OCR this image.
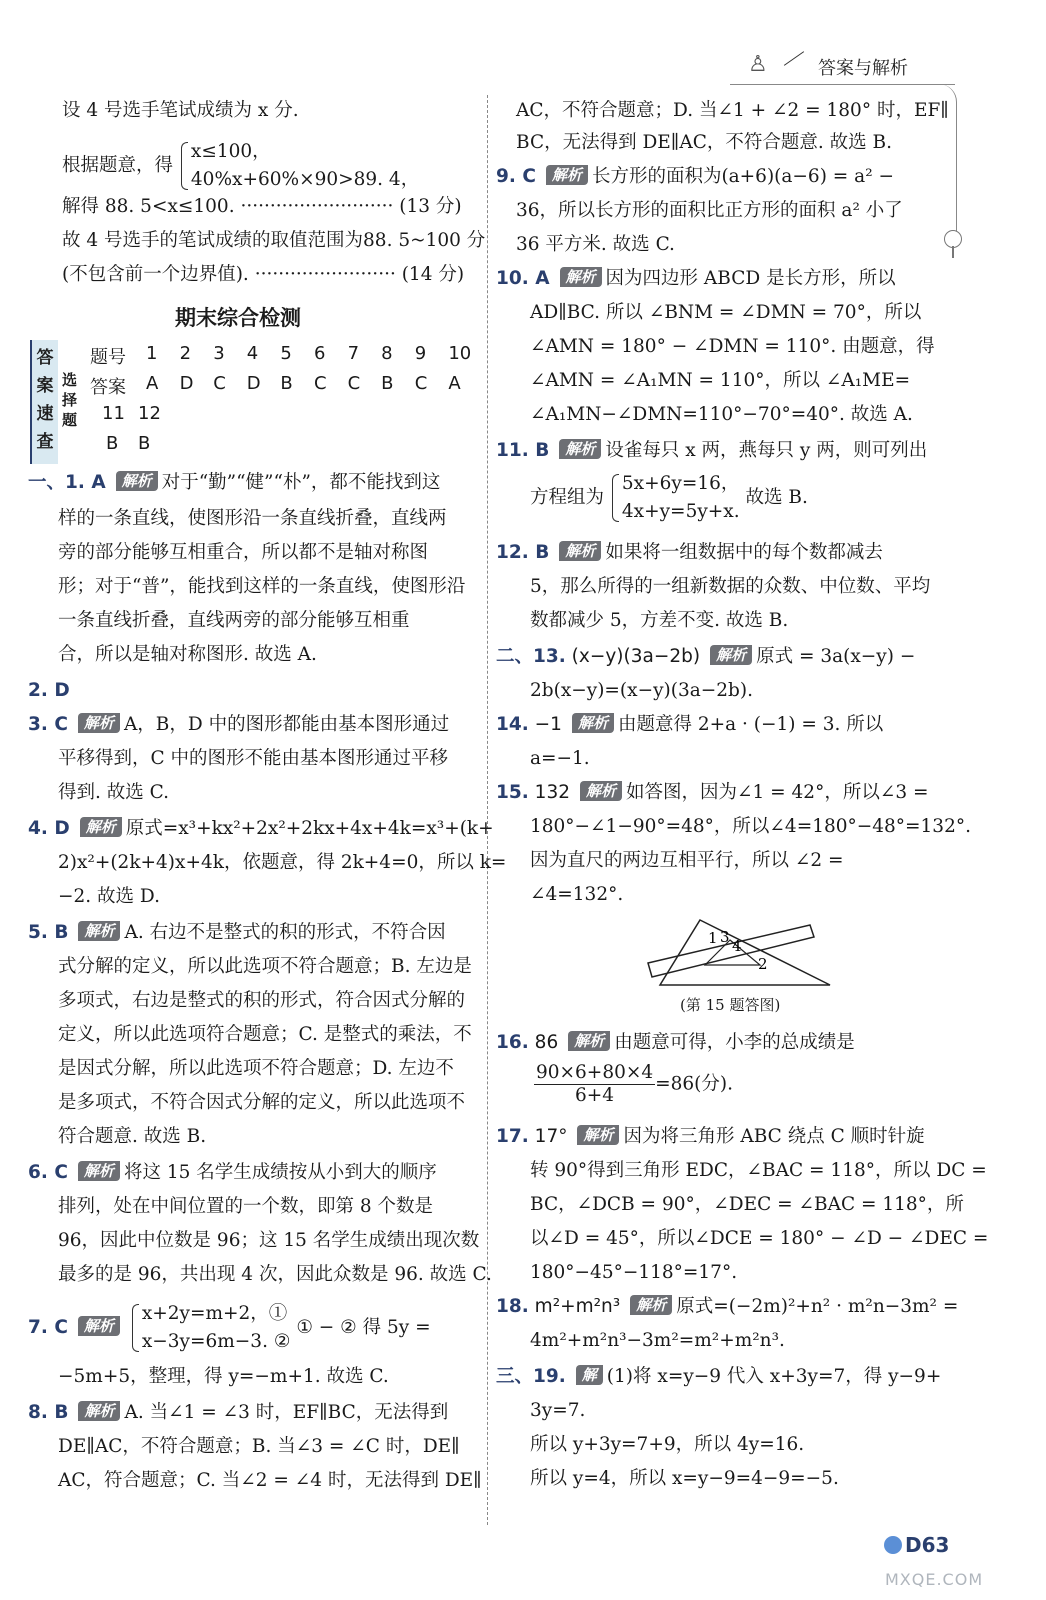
♙	答案与解析
设 4 号选手笔试成绩为 x 分.
根据题意，得
x≤100，
40%x+60%×90>89. 4，
解得 88. 5<x≤100. ·························· (13 分)
故 4 号选手的笔试成绩的取值范围为88. 5~100 分
(不包含前一个边界值). ························ (14 分)
期末综合检测
答案速查
选择题
题号	1	2	3	4	5	6	7	8	9	10
答案	A	D	C	D	B	C	C	B	C	A
11 12
B	B
一、1. A 解析 对于“勤”“健”“朴”，都不能找到这
样的一条直线，使图形沿一条直线折叠，直线两
旁的部分能够互相重合，所以都不是轴对称图
形；对于“普”，能找到这样的一条直线，使图形沿
一条直线折叠，直线两旁的部分能够互相重
合，所以是轴对称图形. 故选 A.
2. D
3. C 解析 A，B，D 中的图形都能由基本图形通过
平移得到，C 中的图形不能由基本图形通过平移
得到. 故选 C.
4. D 解析 原式=x³+kx²+2x²+2kx+4x+4k=x³+(k+
2)x²+(2k+4)x+4k，依题意，得 2k+4=0，所以 k=
−2. 故选 D.
5. B 解析 A. 右边不是整式的积的形式，不符合因
式分解的定义，所以此选项不符合题意；B. 左边是
多项式，右边是整式的积的形式，符合因式分解的
定义，所以此选项符合题意；C. 是整式的乘法，不
是因式分解，所以此选项不符合题意；D. 左边不
是多项式，不符合因式分解的定义，所以此选项不
符合题意. 故选 B.
6. C 解析 将这 15 名学生成绩按从小到大的顺序
排列，处在中间位置的一个数，即第 8 个数是
96，因此中位数是 96；这 15 名学生成绩出现次数
最多的是 96，共出现 4 次，因此众数是 96. 故选 C.
7. C 解析
x+2y=m+2，①
x−3y=6m−3. ②
① − ② 得 5y =
−5m+5，整理，得 y=−m+1. 故选 C.
8. B 解析 A. 当∠1 = ∠3 时，EF∥BC，无法得到
DE∥AC，不符合题意；B. 当∠3 = ∠C 时，DE∥
AC，符合题意；C. 当∠2 = ∠4 时，无法得到 DE∥
AC，不符合题意；D. 当∠1 + ∠2 = 180° 时，EF∥
BC，无法得到 DE∥AC，不符合题意. 故选 B.
9. C 解析 长方形的面积为(a+6)(a−6) = a² −
36，所以长方形的面积比正方形的面积 a² 小了
36 平方米. 故选 C.
10. A 解析 因为四边形 ABCD 是长方形，所以
AD∥BC. 所以 ∠BNM = ∠DMN = 70°，所以
∠AMN = 180° − ∠DMN = 110°. 由题意，得
∠AMN = ∠A₁MN = 110°，所以 ∠A₁ME=
∠A₁MN−∠DMN=110°−70°=40°. 故选 A.
11. B 解析 设雀每只 x 两，燕每只 y 两，则可列出
方程组为
5x+6y=16，
4x+y=5y+x.
故选 B.
12. B 解析 如果将一组数据中的每个数都减去
5，那么所得的一组新数据的众数、中位数、平均
数都减少 5，方差不变. 故选 B.
二、13. (x−y)(3a−2b) 解析 原式 = 3a(x−y) −
2b(x−y)=(x−y)(3a−2b).
14. −1 解析 由题意得 2+a · (−1) = 3. 所以
a=−1.
15. 132 解析 如答图，因为∠1 = 42°，所以∠3 =
180°−∠1−90°=48°，所以∠4=180°−48°=132°.
因为直尺的两边互相平行，所以 ∠2 =
∠4=132°.
1 3 4
2
(第 15 题答图)
16. 86 解析 由题意可得，小李的总成绩是
$\frac{90\times 6+80\times 4}{6+4} =86$(分).
17. 17° 解析 因为将三角形 ABC 绕点 C 顺时针旋
转 90°得到三角形 EDC，∠BAC = 118°，所以 DC =
BC，∠DCB = 90°，∠DEC = ∠BAC = 118°，所
以∠D = 45°，所以∠DCE = 180° − ∠D − ∠DEC =
180°−45°−118°=17°.
18. m²+m²n³ 解析 原式=(−2m)²+n² · m²n−3m² =
4m²+m²n³−3m²=m²+m²n³.
三、19. 解 (1)将 x=y−9 代入 x+3y=7，得 y−9+
3y=7.
所以 y+3y=7+9，所以 4y=16.
所以 y=4，所以 x=y−9=4−9=−5.
D63
MXQE.COM
